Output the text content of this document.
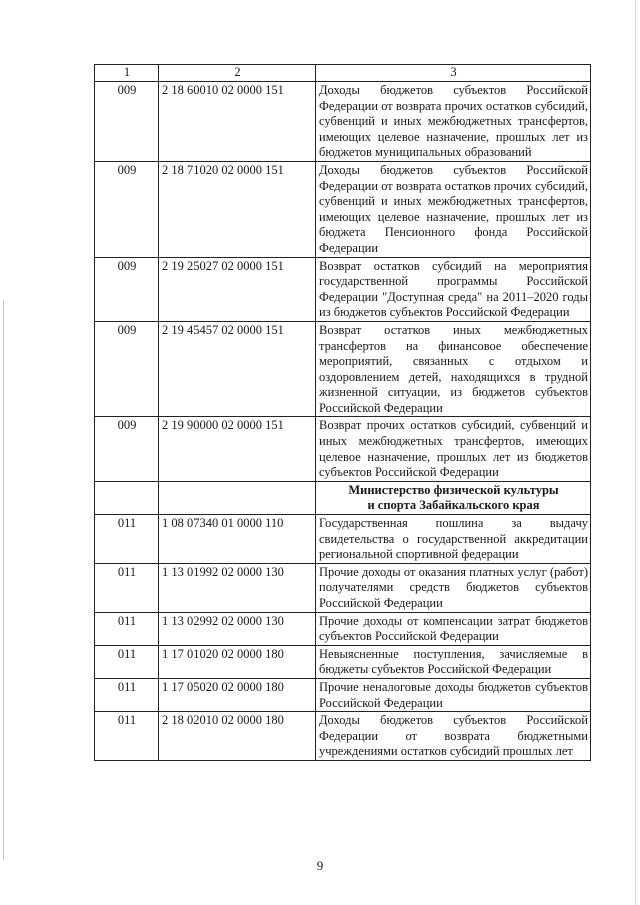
1	2	3
009	2 18 60010 02 0000 151	Доходы бюджетов субъектов Российской Федерации от возврата прочих остатков субсидий, субвенций и иных межбюджетных трансфертов, имеющих целевое назначение, прошлых лет из бюджетов муниципальных образований
009	2 18 71020 02 0000 151	Доходы бюджетов субъектов Российской Федерации от возврата остатков прочих субсидий, субвенций и иных межбюджетных трансфертов, имеющих целевое назначение, прошлых лет из бюджета Пенсионного фонда Российской Федерации
009	2 19 25027 02 0000 151	Возврат остатков субсидий на мероприятия государственной программы Российской Федерации "Доступная среда" на 2011–2020 годы из бюджетов субъектов Российской Федерации
009	2 19 45457 02 0000 151	Возврат остатков иных межбюджетных трансфертов на финансовое обеспечение мероприятий, связанных с отдыхом и оздоровлением детей, находящихся в трудной жизненной ситуации, из бюджетов субъектов Российской Федерации
009	2 19 90000 02 0000 151	Возврат прочих остатков субсидий, субвенций и иных межбюджетных трансфертов, имеющих целевое назначение, прошлых лет из бюджетов субъектов Российской Федерации

		Министерство физической культуры
и спорта Забайкальского края

011	1 08 07340 01 0000 110	Государственная пошлина за выдачу свидетельства о государственной аккредитации региональной спортивной федерации
011	1 13 01992 02 0000 130	Прочие доходы от оказания платных услуг (работ) получателями средств бюджетов субъектов Российской Федерации
011	1 13 02992 02 0000 130	Прочие доходы от компенсации затрат бюджетов субъектов Российской Федерации
011	1 17 01020 02 0000 180	Невыясненные поступления, зачисляемые в бюджеты субъектов Российской Федерации
011	1 17 05020 02 0000 180	Прочие неналоговые доходы бюджетов субъектов Российской Федерации
011	2 18 02010 02 0000 180	Доходы бюджетов субъектов Российской Федерации от возврата бюджетными учреждениями остатков субсидий прошлых лет
9
